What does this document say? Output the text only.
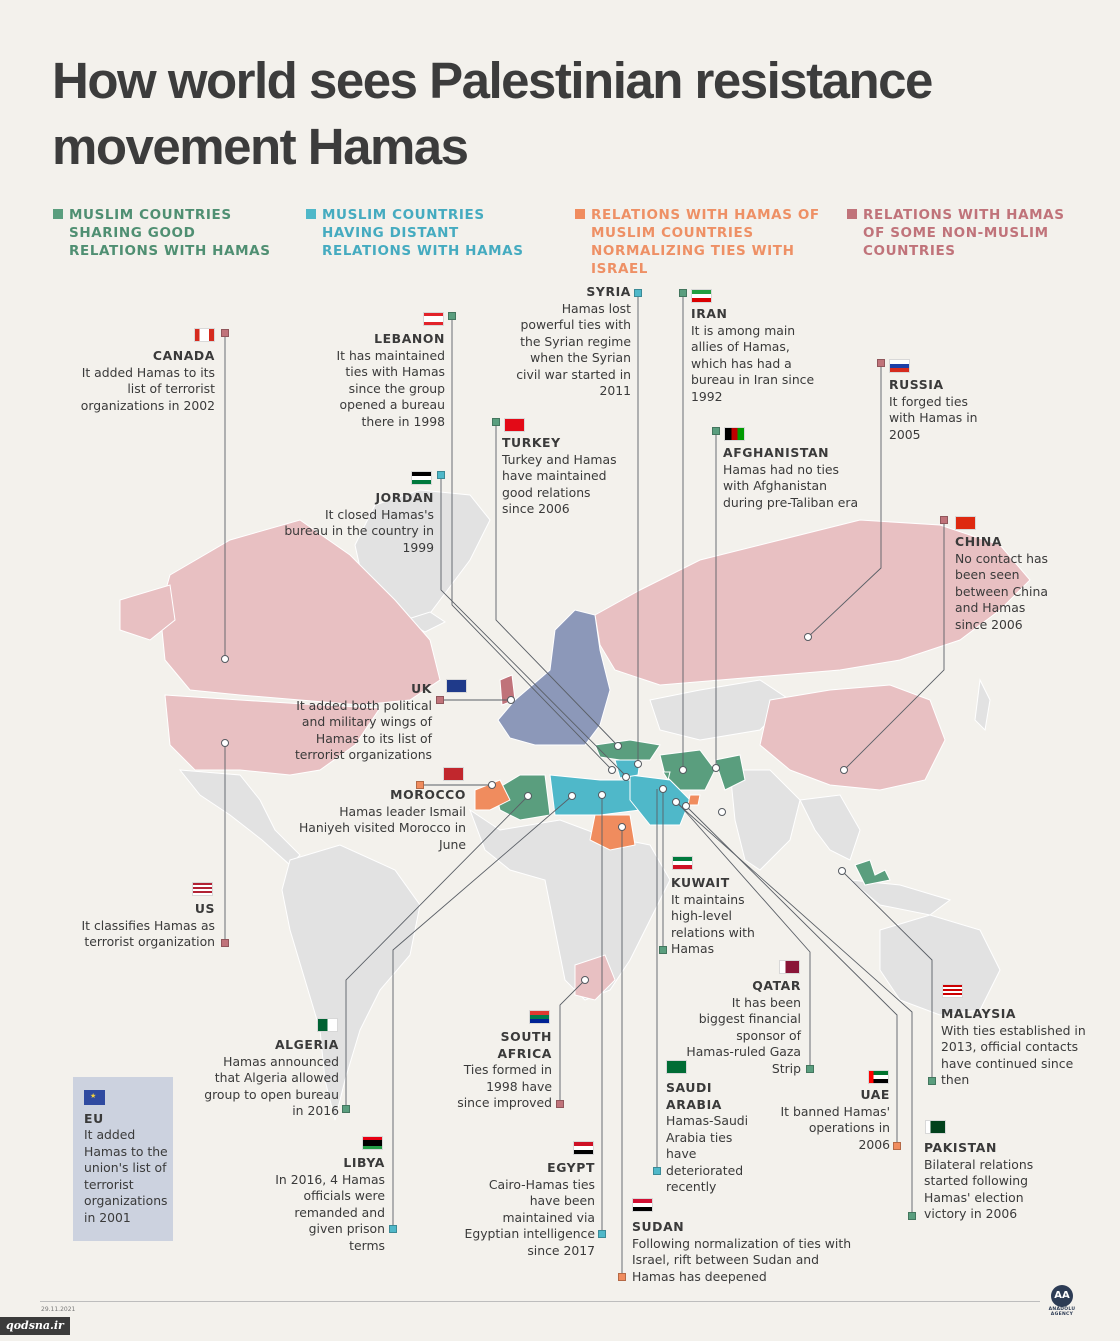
How world sees Palestinian resistance movement Hamas
MUSLIM COUNTRIES SHARING GOOD RELATIONS WITH HAMAS
MUSLIM COUNTRIES HAVING DISTANT RELATIONS WITH HAMAS
RELATIONS WITH HAMAS OF MUSLIM COUNTRIES NORMALIZING TIES WITH ISRAEL
RELATIONS WITH HAMAS OF SOME NON-MUSLIM COUNTRIES
CANADA
It added Hamas to its list of terrorist organizations in 2002
LEBANON
It has maintained ties with Hamas since the group opened a bureau there in 1998
SYRIA
Hamas lost powerful ties with the Syrian regime when the Syrian civil war started in 2011
IRAN
It is among main allies of Hamas, which has had a bureau in Iran since 1992
RUSSIA
It forged ties with Hamas in 2005
TURKEY
Turkey and Hamas have maintained good relations since 2006
AFGHANISTAN
Hamas had no ties with Afghanistan during pre-Taliban era
JORDAN
It closed Hamas's bureau in the country in 1999	CHINA
No contact has been seen between China and Hamas since 2006
UK
It added both political and military wings of Hamas to its list of terrorist organizations
MOROCCO
Hamas leader Ismail Haniyeh visited Morocco in June
US
It classifies Hamas as terrorist organization
KUWAIT
It maintains high-level relations with Hamas
QATAR
It has been biggest financial sponsor of Hamas-ruled Gaza Strip
MALAYSIA
With ties established in 2013, official contacts have continued since then
ALGERIA
Hamas announced that Algeria allowed group to open bureau in 2016
SOUTH AFRICA
Ties formed in 1998 have since improved
SAUDI ARABIA
Hamas-Saudi Arabia ties have deteriorated recently
UAE
It banned Hamas' operations in 2006
LIBYA
In 2016, 4 Hamas officials were remanded and given prison terms
EGYPT
Cairo-Hamas ties have been maintained via Egyptian intelligence since 2017
PAKISTAN
Bilateral relations started following Hamas' election victory in 2006
SUDAN
Following normalization of ties with Israel, rift between Sudan and Hamas has deepened
★
EU
It added Hamas to the union's list of terrorist organizations in 2001
29.11.2021
qodsna.ir
AA
ANADOLU AGENCY
